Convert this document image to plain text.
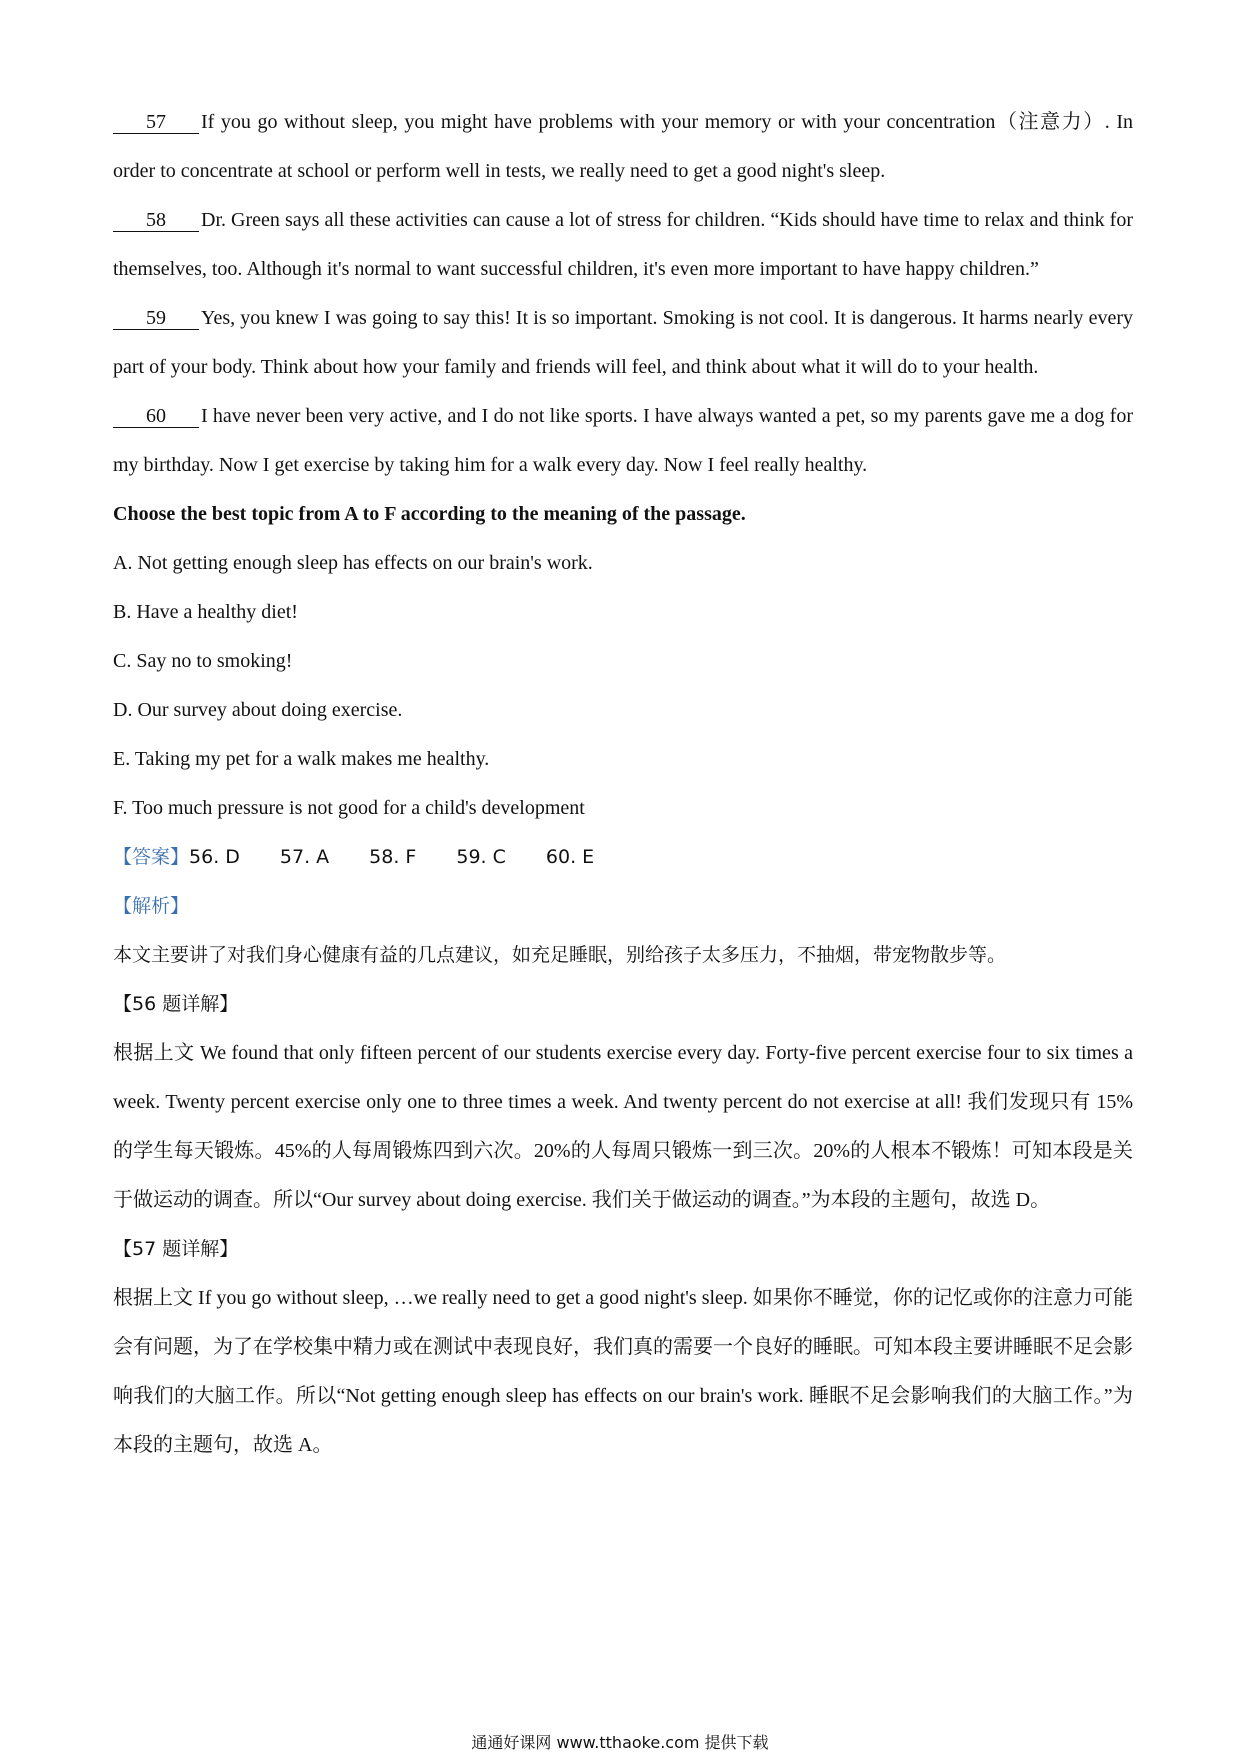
57 If you go without sleep, you might have problems with your memory or with your concentration（注意力）. In order to concentrate at school or perform well in tests, we really need to get a good night's sleep.

58 Dr. Green says all these activities can cause a lot of stress for children. “Kids should have time to relax and think for themselves, too. Although it's normal to want successful children, it's even more important to have happy children.”

59 Yes, you knew I was going to say this! It is so important. Smoking is not cool. It is dangerous. It harms nearly every part of your body. Think about how your family and friends will feel, and think about what it will do to your health.

60 I have never been very active, and I do not like sports. I have always wanted a pet, so my parents gave me a dog for my birthday. Now I get exercise by taking him for a walk every day. Now I feel really healthy.

Choose the best topic from A to F according to the meaning of the passage.

A. Not getting enough sleep has effects on our brain's work.

B. Have a healthy diet!

C. Say no to smoking!

D. Our survey about doing exercise.

E. Taking my pet for a walk makes me healthy.

F. Too much pressure is not good for a child's development

【答案】56. D 57. A 58. F 59. C 60. E

【解析】

本文主要讲了对我们身心健康有益的几点建议，如充足睡眠，别给孩子太多压力，不抽烟，带宠物散步等。

【56 题详解】

根据上文 We found that only fifteen percent of our students exercise every day. Forty-five percent exercise four to six times a week. Twenty percent exercise only one to three times a week. And twenty percent do not exercise at all! 我们发现只有 15%的学生每天锻炼。45%的人每周锻炼四到六次。20%的人每周只锻炼一到三次。20%的人根本不锻炼！可知本段是关于做运动的调查。所以“Our survey about doing exercise. 我们关于做运动的调查。”为本段的主题句，故选 D。

【57 题详解】

根据上文 If you go without sleep, …we really need to get a good night's sleep. 如果你不睡觉，你的记忆或你的注意力可能会有问题，为了在学校集中精力或在测试中表现良好，我们真的需要一个良好的睡眠。可知本段主要讲睡眠不足会影响我们的大脑工作。所以“Not getting enough sleep has effects on our brain's work. 睡眠不足会影响我们的大脑工作。”为本段的主题句，故选 A。

通通好课网 www.tthaoke.com 提供下载
